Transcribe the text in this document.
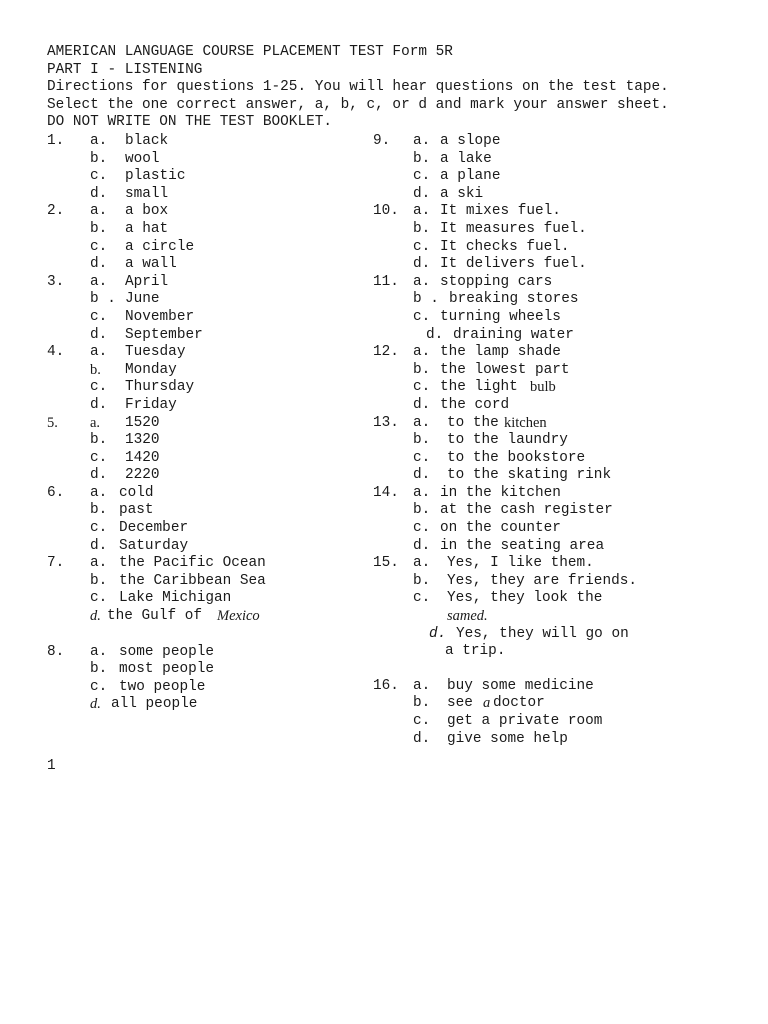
AMERICAN LANGUAGE COURSE PLACEMENT TEST Form 5R
PART I - LISTENING
Directions for questions 1-25. You will hear questions on the test tape.
Select the one correct answer, a, b, c, or d and mark your answer sheet.
DO NOT WRITE ON THE TEST BOOKLET.
1. a. black
b. wool
c. plastic
d. small
2. a. a box
b. a hat
c. a circle
d. a wall
3. a. April
b . June
c. November
d. September
4. a. Tuesday
b. Monday
c. Thursday
d. Friday
5. a. 1520
b. 1320
c. 1420
d. 2220
6. a. cold
b. past
c. December
d. Saturday
7. a. the Pacific Ocean
b. the Caribbean Sea
c. Lake Michigan
d. the Gulf of Mexico
8. a. some people
b. most people
c. two people
d. all people
9. a. a slope
b. a lake
c. a plane
d. a ski
10. a. It mixes fuel.
b. It measures fuel.
c. It checks fuel.
d. It delivers fuel.
11. a. stopping cars
b . breaking stores
c. turning wheels
d. draining water
12. a. the lamp shade
b. the lowest part
c. the light bulb
d. the cord
13. a. to the kitchen
b. to the laundry
c. to the bookstore
d. to the skating rink
14. a. in the kitchen
b. at the cash register
c. on the counter
d. in the seating area
15. a. Yes, I like them.
b. Yes, they are friends.
c. Yes, they look the
samed.
d. Yes, they will go on
a trip.
16. a. buy some medicine
b. see a doctor
c. get a private room
d. give some help
1
